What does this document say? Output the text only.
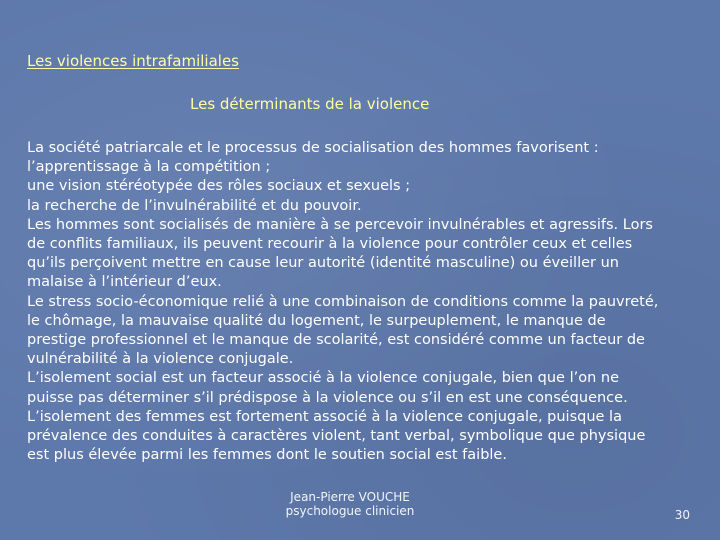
Les violences intrafamiliales
Les déterminants de la violence
La société patriarcale et le processus de socialisation des hommes favorisent :
l’apprentissage à la compétition ;
une vision stéréotypée des rôles sociaux et sexuels ;
la recherche de l’invulnérabilité et du pouvoir.
Les hommes sont socialisés de manière à se percevoir invulnérables et agressifs. Lors
de conflits familiaux, ils peuvent recourir à la violence pour contrôler ceux et celles
qu’ils perçoivent mettre en cause leur autorité (identité masculine) ou éveiller un
malaise à l’intérieur d’eux.
Le stress socio-économique relié à une combinaison de conditions comme la pauvreté,
le chômage, la mauvaise qualité du logement, le surpeuplement, le manque de
prestige professionnel et le manque de scolarité, est considéré comme un facteur de
vulnérabilité à la violence conjugale.
L’isolement social est un facteur associé à la violence conjugale, bien que l’on ne
puisse pas déterminer s’il prédispose à la violence ou s’il en est une conséquence.
L’isolement des femmes est fortement associé à la violence conjugale, puisque la
prévalence des conduites à caractères violent, tant verbal, symbolique que physique
est plus élevée parmi les femmes dont le soutien social est faible.
Jean-Pierre VOUCHE
psychologue clinicien	30
